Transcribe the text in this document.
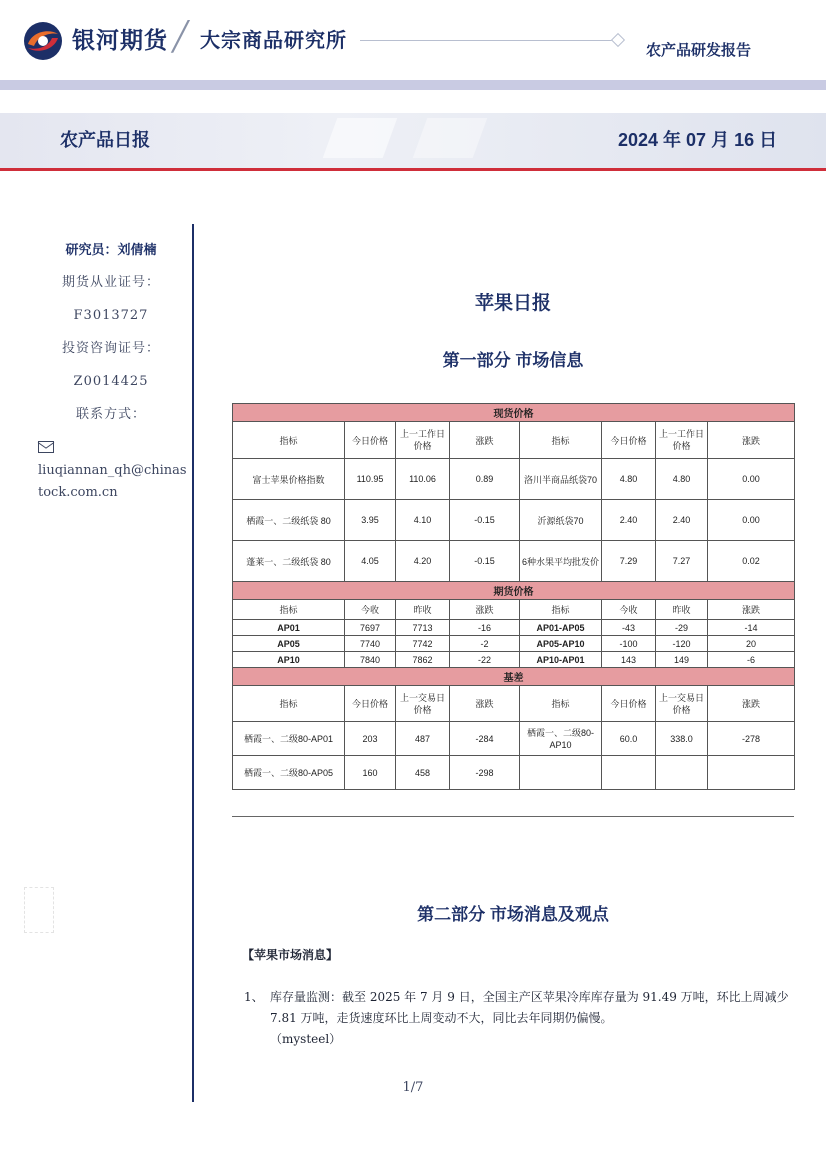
银河期货 ╱ 大宗商品研究所	农产品研发报告
农产品日报	2024 年 07 月 16 日
研究员：刘倩楠
期货从业证号：
F3013727
投资咨询证号：
Z0014425
联系方式：
liuqiannan_qh@chinas
tock.com.cn
苹果日报
第一部分 市场信息
现货价格							
指标	今日价格	上一工作日价格	涨跌	指标	今日价格	上一工作日价格	涨跌
富士苹果价格指数	110.95	110.06	0.89	洛川半商品纸袋70	4.80	4.80	0.00
栖霞一、二级纸袋 80	3.95	4.10	-0.15	沂源纸袋70	2.40	2.40	0.00
蓬莱一、二级纸袋 80	4.05	4.20	-0.15	6种水果平均批发价	7.29	7.27	0.02
期货价格							
指标	今收	昨收	涨跌	指标	今收	昨收	涨跌
AP01	7697	7713	-16	AP01-AP05	-43	-29	-14
AP05	7740	7742	-2	AP05-AP10	-100	-120	20
AP10	7840	7862	-22	AP10-AP01	143	149	-6
基差							
指标	今日价格	上一交易日价格	涨跌	指标	今日价格	上一交易日价格	涨跌
栖霞一、二级80-AP01	203	487	-284	栖霞一、二级80-AP10	60.0	338.0	-278
栖霞一、二级80-AP05	160	458	-298				
第二部分 市场消息及观点
【苹果市场消息】
1、 库存量监测：截至 2025 年 7 月 9 日，全国主产区苹果冷库库存量为 91.49 万吨，环比上周减少 7.81 万吨，走货速度环比上周变动不大，同比去年同期仍偏慢。
（mysteel）
1/7
